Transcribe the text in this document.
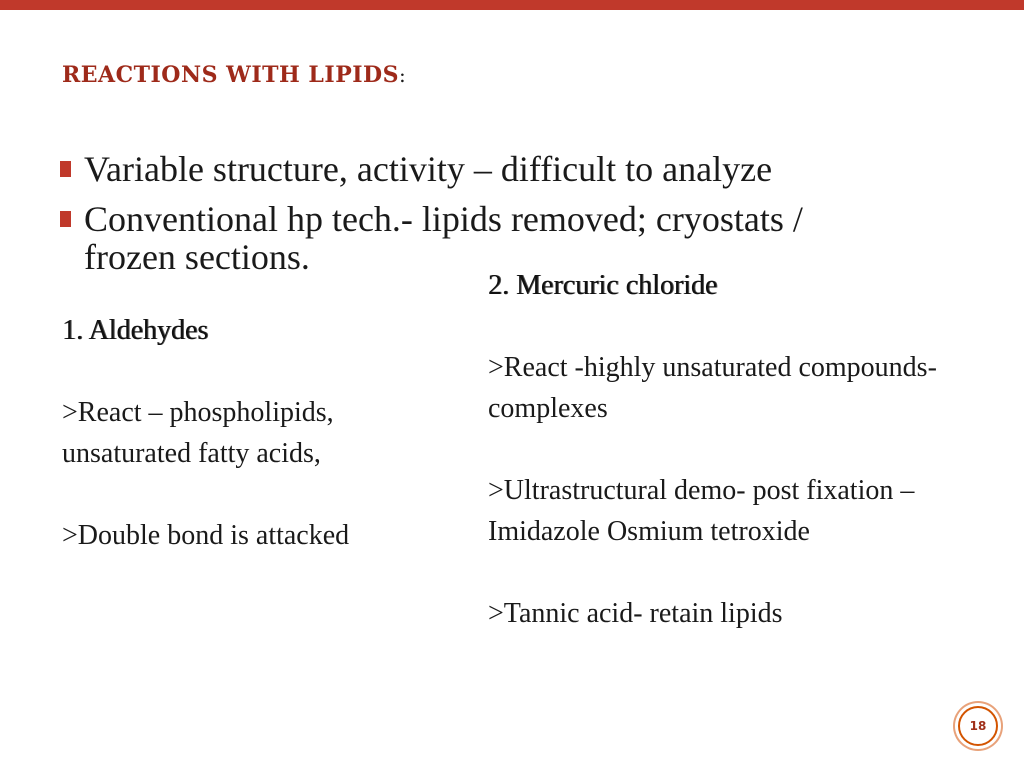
REACTIONS WITH LIPIDS:
Variable structure, activity – difficult to analyze
Conventional hp tech.- lipids removed; cryostats / frozen sections.
1. Aldehydes

>React – phospholipids, unsaturated fatty acids,

>Double bond is attacked

2. Mercuric chloride

>React -highly unsaturated compounds- complexes

>Ultrastructural demo- post fixation – Imidazole Osmium tetroxide

>Tannic acid- retain lipids

18
